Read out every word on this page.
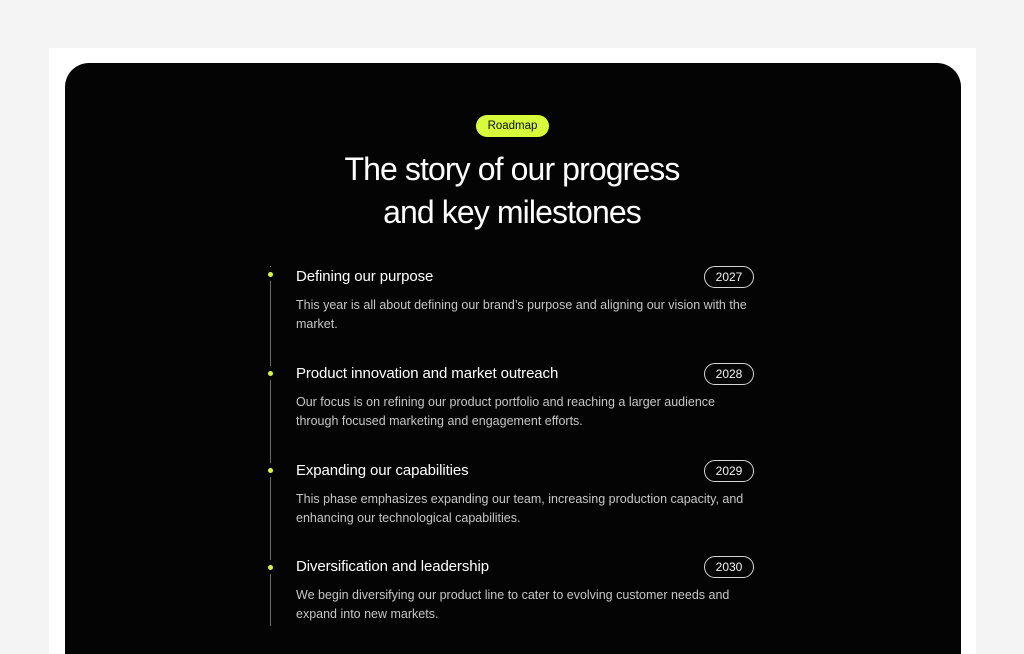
Roadmap
The story of our progress
and key milestones
Defining our purpose	2027
This year is all about defining our brand’s purpose and aligning our vision with the market.
Product innovation and market outreach	2028
Our focus is on refining our product portfolio and reaching a larger audience through focused marketing and engagement efforts.
Expanding our capabilities	2029
This phase emphasizes expanding our team, increasing production capacity, and enhancing our technological capabilities.
Diversification and leadership	2030
We begin diversifying our product line to cater to evolving customer needs and expand into new markets.
